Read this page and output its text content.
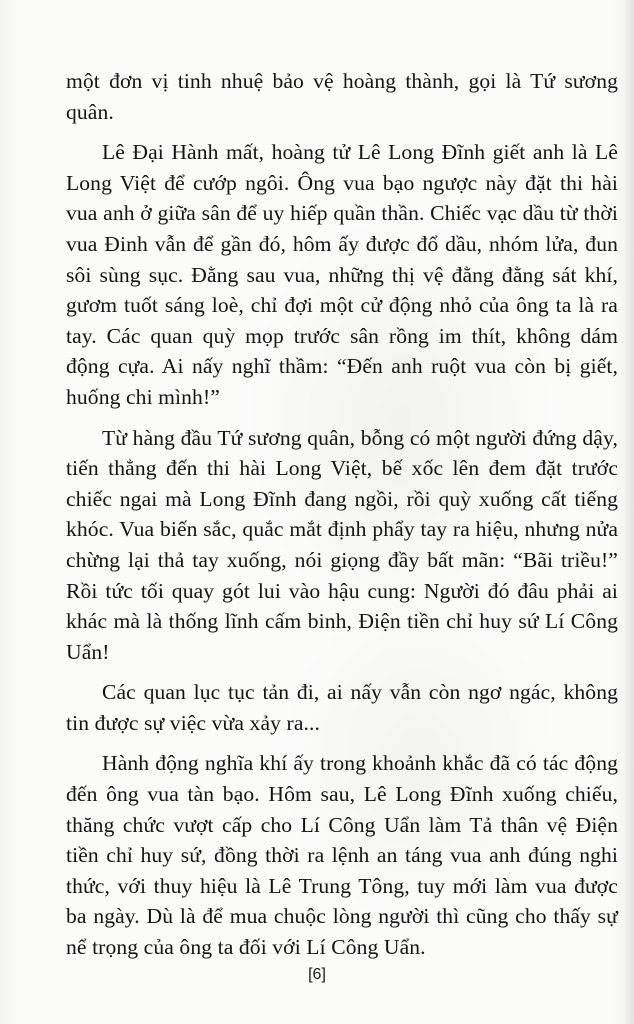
một đơn vị tinh nhuệ bảo vệ hoàng thành, gọi là Tứ sương quân.

Lê Đại Hành mất, hoàng tử Lê Long Đĩnh giết anh là Lê Long Việt để cướp ngôi. Ông vua bạo ngược này đặt thi hài vua anh ở giữa sân để uy hiếp quần thần. Chiếc vạc dầu từ thời vua Đinh vẫn để gần đó, hôm ấy được đổ dầu, nhóm lửa, đun sôi sùng sục. Đằng sau vua, những thị vệ đằng đằng sát khí, gươm tuốt sáng loè, chỉ đợi một cử động nhỏ của ông ta là ra tay. Các quan quỳ mọp trước sân rồng im thít, không dám động cựa. Ai nấy nghĩ thầm: “Đến anh ruột vua còn bị giết, huống chi mình!”

Từ hàng đầu Tứ sương quân, bỗng có một người đứng dậy, tiến thẳng đến thi hài Long Việt, bế xốc lên đem đặt trước chiếc ngai mà Long Đĩnh đang ngồi, rồi quỳ xuống cất tiếng khóc. Vua biến sắc, quắc mắt định phẩy tay ra hiệu, nhưng nửa chừng lại thả tay xuống, nói giọng đầy bất mãn: “Bãi triều!” Rồi tức tối quay gót lui vào hậu cung: Người đó đâu phải ai khác mà là thống lĩnh cấm binh, Điện tiền chỉ huy sứ Lí Công Uẩn!

Các quan lục tục tản đi, ai nấy vẫn còn ngơ ngác, không tin được sự việc vừa xảy ra...

Hành động nghĩa khí ấy trong khoảnh khắc đã có tác động đến ông vua tàn bạo. Hôm sau, Lê Long Đĩnh xuống chiếu, thăng chức vượt cấp cho Lí Công Uẩn làm Tả thân vệ Điện tiền chỉ huy sứ, đồng thời ra lệnh an táng vua anh đúng nghi thức, với thuy hiệu là Lê Trung Tông, tuy mới làm vua được ba ngày. Dù là để mua chuộc lòng người thì cũng cho thấy sự nể trọng của ông ta đối với Lí Công Uẩn.

[6]
